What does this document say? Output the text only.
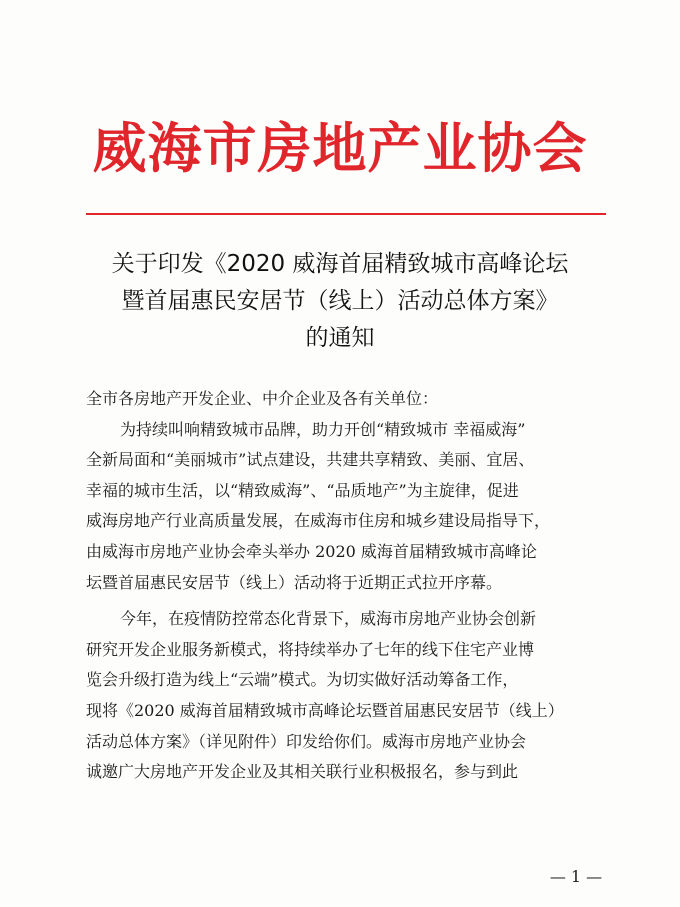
威海市房地产业协会
关于印发《2020 威海首届精致城市高峰论坛
暨首届惠民安居节（线上）活动总体方案》
的通知
全市各房地产开发企业、中介企业及各有关单位：
为持续叫响精致城市品牌，助力开创“精致城市 幸福威海”
全新局面和“美丽城市”试点建设，共建共享精致、美丽、宜居、
幸福的城市生活，以“精致威海”、“品质地产”为主旋律，促进
威海房地产行业高质量发展，在威海市住房和城乡建设局指导下，
由威海市房地产业协会牵头举办 2020 威海首届精致城市高峰论
坛暨首届惠民安居节（线上）活动将于近期正式拉开序幕。
今年，在疫情防控常态化背景下，威海市房地产业协会创新
研究开发企业服务新模式，将持续举办了七年的线下住宅产业博
览会升级打造为线上“云端”模式。为切实做好活动筹备工作，
现将《2020 威海首届精致城市高峰论坛暨首届惠民安居节（线上）
活动总体方案》（详见附件）印发给你们。威海市房地产业协会
诚邀广大房地产开发企业及其相关联行业积极报名，参与到此
— 1 —
